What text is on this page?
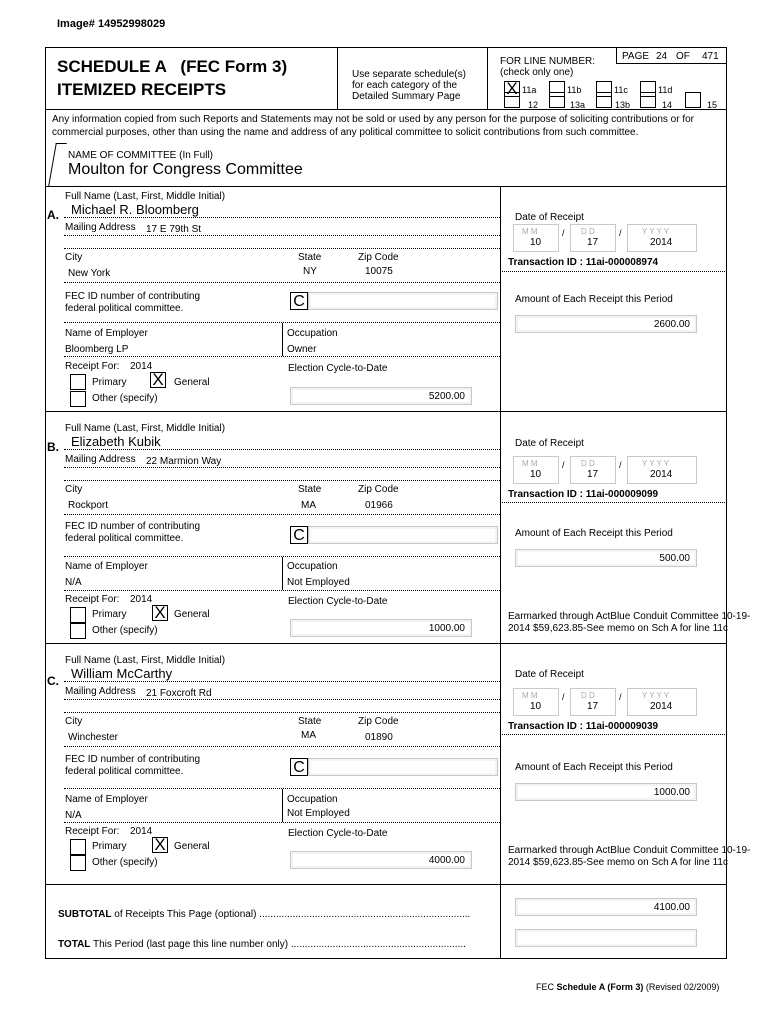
Image# 14952998029
SCHEDULE A   (FEC Form 3)
ITEMIZED RECEIPTS
Use separate schedule(s)
for each category of the
Detailed Summary Page
FOR LINE NUMBER:
(check only one)
PAGE 24 OF 471
X 11a	11b	11c	11d
12	13a	13b	14	15
Any information copied from such Reports and Statements may not be sold or used by any person for the purpose of soliciting contributions or for commercial purposes, other than using the name and address of any political committee to solicit contributions from such committee.
NAME OF COMMITTEE (In Full)
Moulton for Congress Committee
Full Name (Last, First, Middle Initial)
A. Michael R. Bloomberg
Mailing Address 17 E 79th St
City	State	Zip Code
New York	NY	10075
FEC ID number of contributing
federal political committee.	C
Name of Employer	Occupation
Bloomberg LP	Owner
Receipt For: 2014	Election Cycle-to-Date
Primary X General
Other (specify)	5200.00
Date of Receipt
M M
10
/ D D
17
/	Y Y Y Y
2014
Transaction ID : 11ai-000008974
Amount of Each Receipt this Period
2600.00
Full Name (Last, First, Middle Initial)
B. Elizabeth Kubik
Mailing Address 22 Marmion Way
City	State	Zip Code
Rockport	MA	01966
FEC ID number of contributing
federal political committee.	C
Name of Employer	Occupation
N/A	Not Employed
Receipt For: 2014	Election Cycle-to-Date
Primary X General
Other (specify)	1000.00
Date of Receipt
M M
10
/ D D
17
/	Y Y Y Y
2014
Transaction ID : 11ai-000009099
Amount of Each Receipt this Period
500.00
Earmarked through ActBlue Conduit Committee 10-19-2014 $59,623.85-See memo on Sch A for line 11c
Full Name (Last, First, Middle Initial)
C. William McCarthy
Mailing Address 21 Foxcroft Rd
City	State	Zip Code
Winchester	MA	01890
FEC ID number of contributing
federal political committee.	C
Name of Employer	Occupation
N/A	Not Employed
Receipt For: 2014	Election Cycle-to-Date
Primary X General
Other (specify)	4000.00
Date of Receipt
M M
10
/ D D
17
/	Y Y Y Y
2014
Transaction ID : 11ai-000009039
Amount of Each Receipt this Period
1000.00
Earmarked through ActBlue Conduit Committee 10-19-2014 $59,623.85-See memo on Sch A for line 11c
SUBTOTAL of Receipts This Page (optional) ............................................................................
4100.00
TOTAL This Period (last page this line number only) ...............................................................
FEC Schedule A (Form 3) (Revised 02/2009)
